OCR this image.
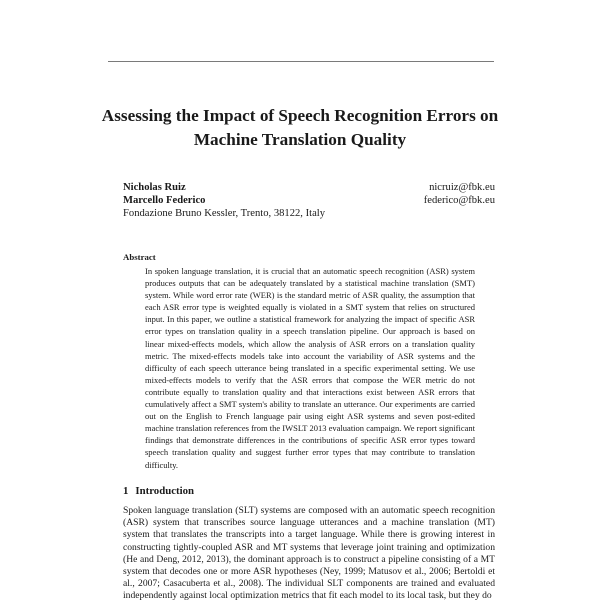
Assessing the Impact of Speech Recognition Errors on Machine Translation Quality
Nicholas Ruiz	nicruiz@fbk.eu
Marcello Federico	federico@fbk.eu
Fondazione Bruno Kessler, Trento, 38122, Italy
Abstract
In spoken language translation, it is crucial that an automatic speech recognition (ASR) system produces outputs that can be adequately translated by a statistical machine translation (SMT) system. While word error rate (WER) is the standard metric of ASR quality, the assumption that each ASR error type is weighted equally is violated in a SMT system that relies on structured input. In this paper, we outline a statistical framework for analyzing the impact of specific ASR error types on translation quality in a speech translation pipeline. Our approach is based on linear mixed-effects models, which allow the analysis of ASR errors on a translation quality metric. The mixed-effects models take into account the variability of ASR systems and the difficulty of each speech utterance being translated in a specific experimental setting. We use mixed-effects models to verify that the ASR errors that compose the WER metric do not contribute equally to translation quality and that interactions exist between ASR errors that cumulatively affect a SMT system's ability to translate an utterance. Our experiments are carried out on the English to French language pair using eight ASR systems and seven post-edited machine translation references from the IWSLT 2013 evaluation campaign. We report significant findings that demonstrate differences in the contributions of specific ASR error types toward speech translation quality and suggest further error types that may contribute to translation difficulty.
1 Introduction
Spoken language translation (SLT) systems are composed with an automatic speech recognition (ASR) system that transcribes source language utterances and a machine translation (MT) system that translates the transcripts into a target language. While there is growing interest in constructing tightly-coupled ASR and MT systems that leverage joint training and optimization (He and Deng, 2012, 2013), the dominant approach is to construct a pipeline consisting of a MT system that decodes one or more ASR hypotheses (Ney, 1999; Matusov et al., 2006; Bertoldi et al., 2007; Casacuberta et al., 2008). The individual SLT components are trained and evaluated independently against local optimization metrics that fit each model to its local task, but they do
